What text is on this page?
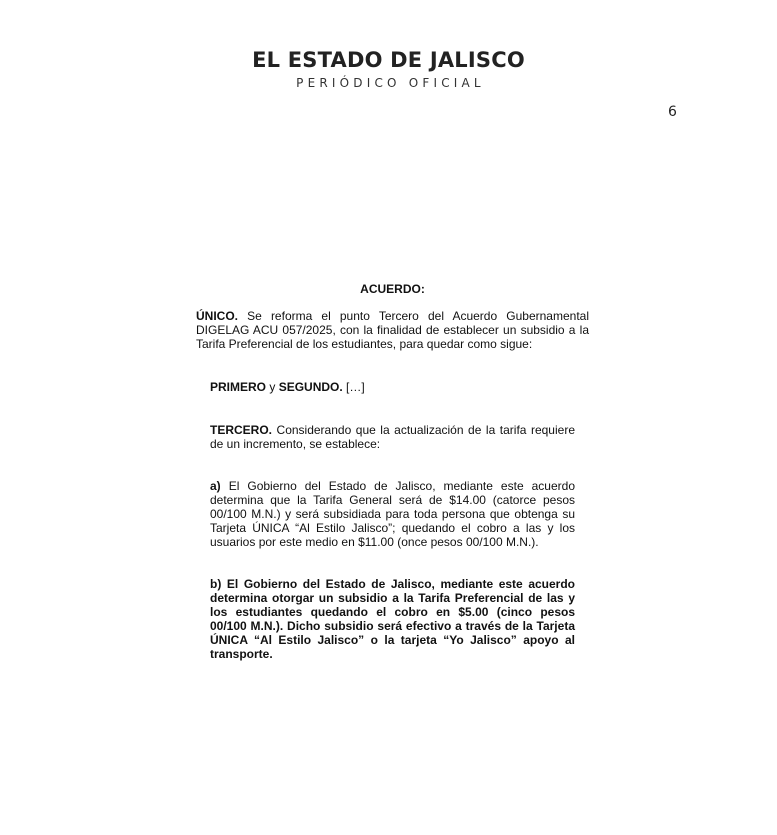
EL ESTADO DE JALISCO
PERIÓDICO OFICIAL
6
ACUERDO:
ÚNICO. Se reforma el punto Tercero del Acuerdo Gubernamental DIGELAG ACU 057/2025, con la finalidad de establecer un subsidio a la Tarifa Preferencial de los estudiantes, para quedar como sigue:
PRIMERO y SEGUNDO. […]
TERCERO. Considerando que la actualización de la tarifa requiere de un incremento, se establece:
a) El Gobierno del Estado de Jalisco, mediante este acuerdo determina que la Tarifa General será de $14.00 (catorce pesos 00/100 M.N.) y será subsidiada para toda persona que obtenga su Tarjeta ÚNICA “Al Estilo Jalisco”; quedando el cobro a las y los usuarios por este medio en $11.00 (once pesos 00/100 M.N.).
b) El Gobierno del Estado de Jalisco, mediante este acuerdo determina otorgar un subsidio a la Tarifa Preferencial de las y los estudiantes quedando el cobro en $5.00 (cinco pesos 00/100 M.N.). Dicho subsidio será efectivo a través de la Tarjeta ÚNICA “Al Estilo Jalisco” o la tarjeta “Yo Jalisco” apoyo al transporte.
